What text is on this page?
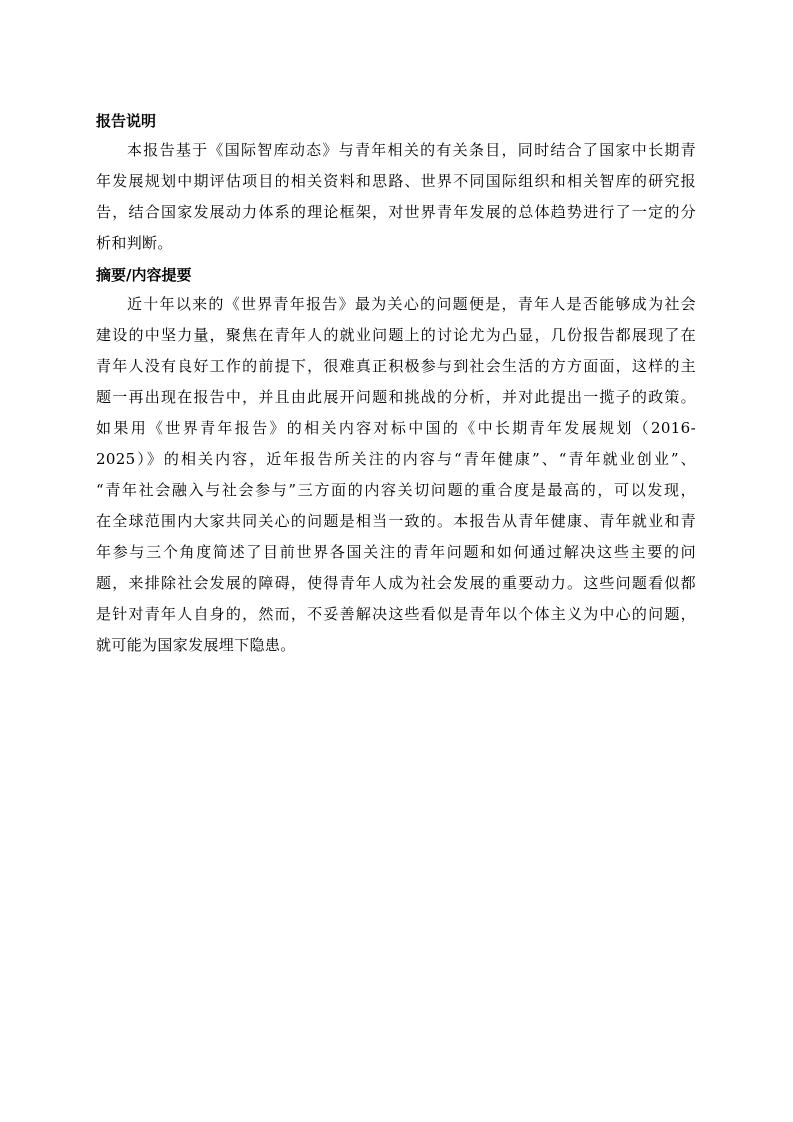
报告说明
本报告基于《国际智库动态》与青年相关的有关条目，同时结合了国家中长期青
年发展规划中期评估项目的相关资料和思路、世界不同国际组织和相关智库的研究报
告，结合国家发展动力体系的理论框架，对世界青年发展的总体趋势进行了一定的分
析和判断。
摘要/内容提要
近十年以来的《世界青年报告》最为关心的问题便是，青年人是否能够成为社会
建设的中坚力量，聚焦在青年人的就业问题上的讨论尤为凸显，几份报告都展现了在
青年人没有良好工作的前提下，很难真正积极参与到社会生活的方方面面，这样的主
题一再出现在报告中，并且由此展开问题和挑战的分析，并对此提出一揽子的政策。
如果用《世界青年报告》的相关内容对标中国的《中长期青年发展规划（2016-
2025）》的相关内容，近年报告所关注的内容与“青年健康”、“青年就业创业”、
“青年社会融入与社会参与”三方面的内容关切问题的重合度是最高的，可以发现，
在全球范围内大家共同关心的问题是相当一致的。本报告从青年健康、青年就业和青
年参与三个角度简述了目前世界各国关注的青年问题和如何通过解决这些主要的问
题，来排除社会发展的障碍，使得青年人成为社会发展的重要动力。这些问题看似都
是针对青年人自身的，然而，不妥善解决这些看似是青年以个体主义为中心的问题，
就可能为国家发展埋下隐患。
